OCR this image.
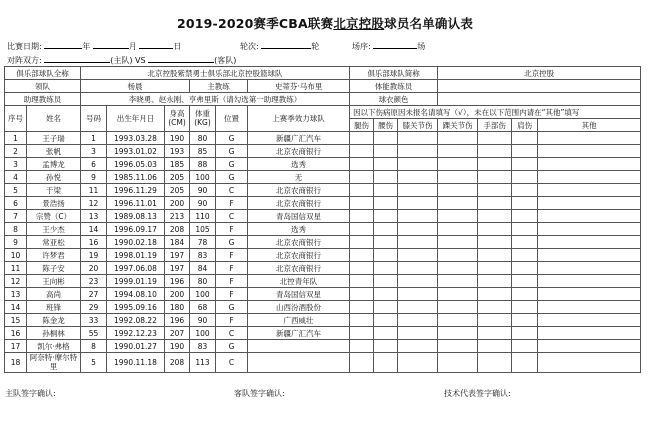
2019-2020赛季CBA联赛北京控股球员名单确认表
比赛日期:	年	月	日	轮次:	轮	场序:	场
对阵双方:	(主队) VS	(客队)
俱乐部球队全称		北京控股紫禁勇士俱乐部北京控股篮球队						俱乐部球队简称			北京控股			
领队		杨晨			主教练		史蒂芬·马布里	体能教练员						
助理教练员		李晓勇、赵永刚、亨弗里斯（请勾选第一助理教练）						球衣颜色						
序号	姓名	号码	出生年月日	身高(CM)	体重(KG)	位置	上赛季效力球队	因以下伤病原因未报名请填写（√），未在以下范围内请在“其他”填写						
								腿伤	腰伤	膝关节伤	踝关节伤	手部伤	肩伤	其他
1	王子瑞	1	1993.03.28	190	80	G	新疆广汇汽车							
2	张帆	3	1993.01.02	193	85	G	北京农商银行							
3	孟博龙	6	1996.05.03	185	88	G	选秀							
4	孙悦	9	1985.11.06	205	100	G	无							
5	于梁	11	1996.11.29	205	90	C	北京农商银行							
6	景浩扬	12	1996.11.01	200	90	F	北京农商银行							
7	宗赞（C）	13	1989.08.13	213	110	C	青岛国信双星							
8	王少杰	14	1996.09.17	208	105	F	选秀							
9	常亚松	16	1990.02.18	184	78	G	北京农商银行							
10	许梦君	19	1998.01.19	197	83	F	北京农商银行							
11	陈子安	20	1997.06.08	197	84	F	北京农商银行							
12	王向彬	23	1999.01.19	196	80	F	北控青年队							
13	高尚	27	1994.08.10	200	100	F	青岛国信双星							
14	班锋	29	1995.09.16	180	68	G	山西汾酒股份							
15	陈金龙	33	1992.08.22	196	90	F	广西威壮							
16	孙桐林	55	1992.12.23	207	100	C	新疆广汇汽车							
17	凯尔·弗格	8	1990.01.27	190	83	G								
18	阿奈特·摩尔特里	5	1990.11.18	208	113	C								
主队签字确认:	客队签字确认:	技术代表签字确认:
